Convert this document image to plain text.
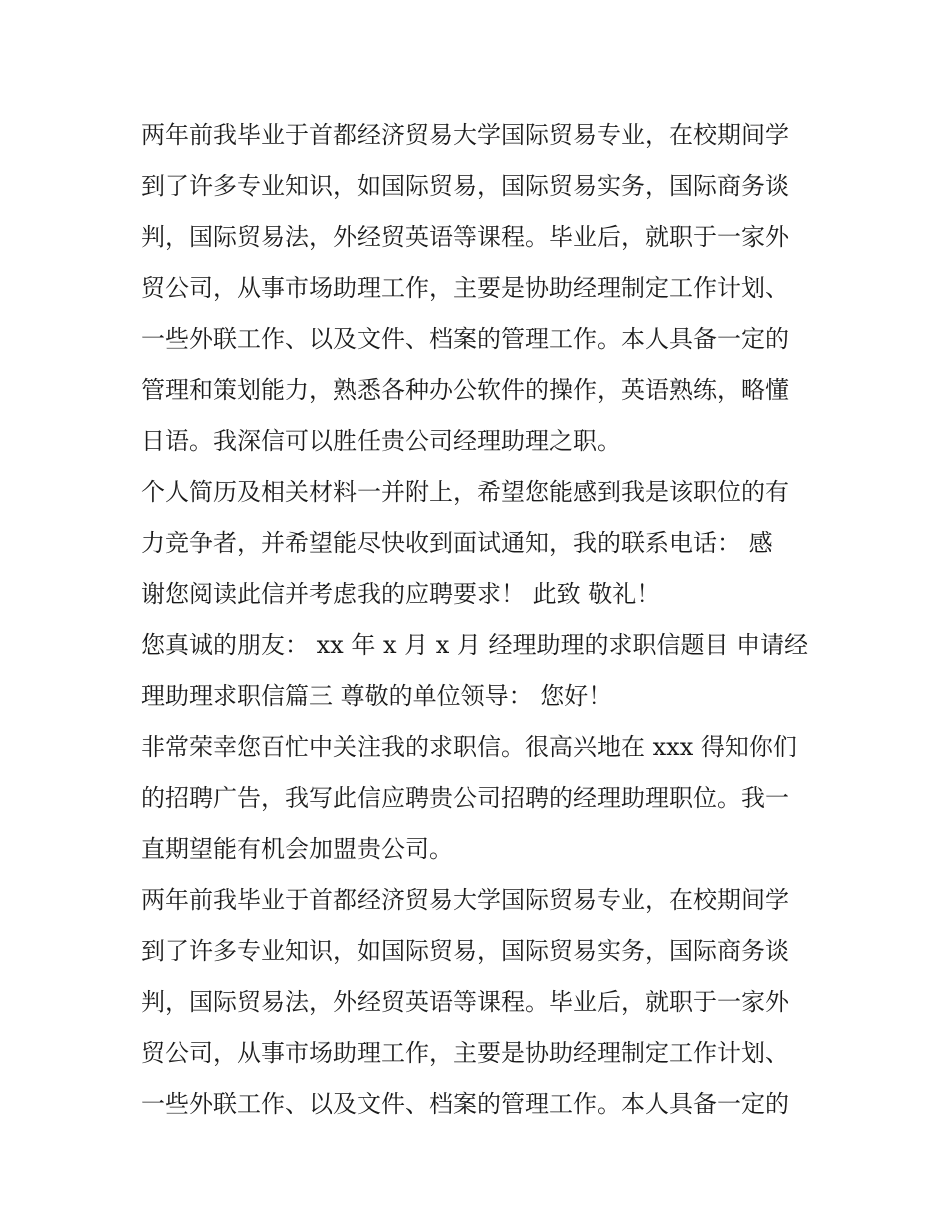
两年前我毕业于首都经济贸易大学国际贸易专业，在校期间学
到了许多专业知识，如国际贸易，国际贸易实务，国际商务谈
判，国际贸易法，外经贸英语等课程。毕业后，就职于一家外
贸公司，从事市场助理工作，主要是协助经理制定工作计划、
一些外联工作、以及文件、档案的管理工作。本人具备一定的
管理和策划能力，熟悉各种办公软件的操作，英语熟练，略懂
日语。我深信可以胜任贵公司经理助理之职。
个人简历及相关材料一并附上，希望您能感到我是该职位的有
力竞争者，并希望能尽快收到面试通知，我的联系电话： 感
谢您阅读此信并考虑我的应聘要求！ 此致 敬礼！
您真诚的朋友： xx 年 x 月 x 月 经理助理的求职信题目 申请经
理助理求职信篇三 尊敬的单位领导： 您好！
非常荣幸您百忙中关注我的求职信。很高兴地在 xxx 得知你们
的招聘广告，我写此信应聘贵公司招聘的经理助理职位。我一
直期望能有机会加盟贵公司。
两年前我毕业于首都经济贸易大学国际贸易专业，在校期间学
到了许多专业知识，如国际贸易，国际贸易实务，国际商务谈
判，国际贸易法，外经贸英语等课程。毕业后，就职于一家外
贸公司，从事市场助理工作，主要是协助经理制定工作计划、
一些外联工作、以及文件、档案的管理工作。本人具备一定的
